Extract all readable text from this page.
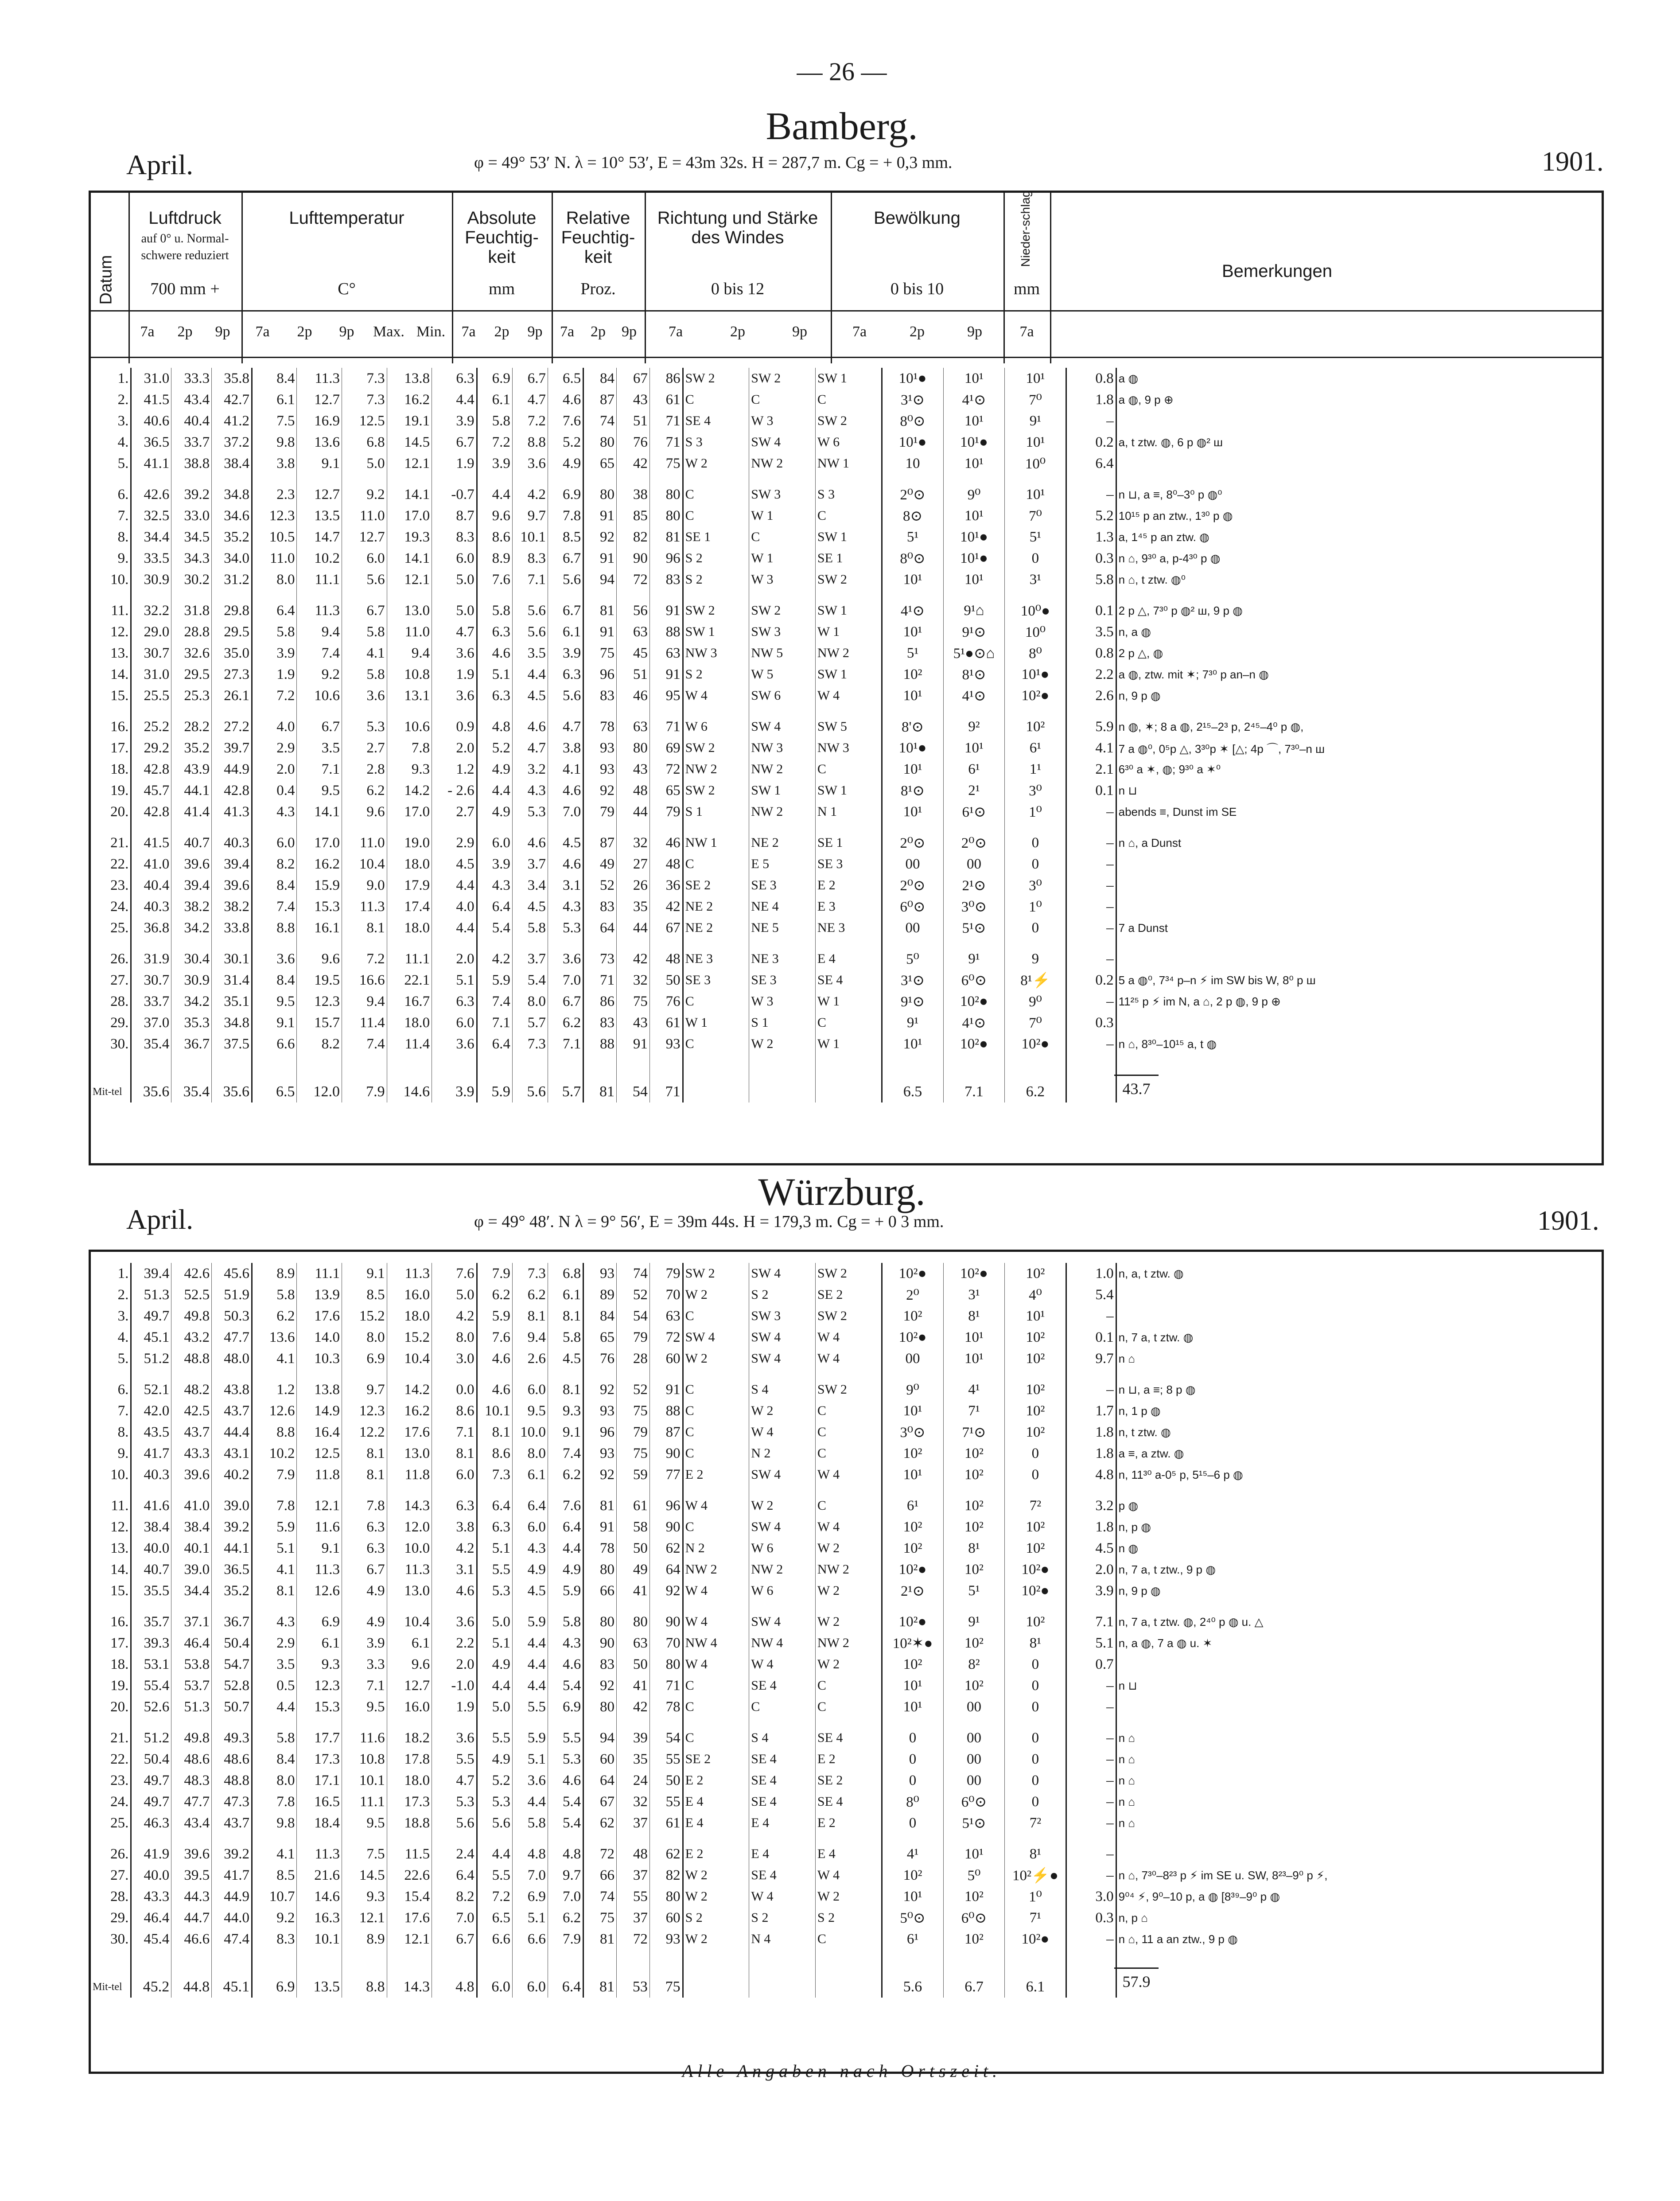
— 26 —
Bamberg.
April.	φ = 49° 53′ N. λ = 10° 53′, E = 43m 32s. H = 287,7 m. Cg = + 0,3 mm.	1901.
Luftdruck
700 mm +
Lufttemperatur
C°
Absolute Feuchtig-keit
mm
Relative Feuchtig-keit
Proz.
Richtung und Stärke des Windes
0 bis 12
Bewölkung
0 bis 10
auf 0° u. Normal-schwere reduziert
Datum
Nieder-schlag
mm
Bemerkungen
7a	2p	9p	7a	2p	9p	Max. Min.	7a	2p	9p	7a	2p	9p	7a	2p	9p	7a	2p	9p	7a
1.	31.0	33.3	35.8	8.4	11.3	7.3	13.8	6.3	6.9	6.7	6.5	84	67	86	SW 2	SW 2	SW 1	10¹●	10¹	10¹	0.8	a ◍
2.	41.5	43.4	42.7	6.1	12.7	7.3	16.2	4.4	6.1	4.7	4.6	87	43	61	C	C	C	3¹⊙	4¹⊙	7⁰	1.8	a ◍, 9 p ⊕
3.	40.6	40.4	41.2	7.5	16.9	12.5	19.1	3.9	5.8	7.2	7.6	74	51	71	SE 4	W 3	SW 2	8⁰⊙	10¹	9¹	–	
4.	36.5	33.7	37.2	9.8	13.6	6.8	14.5	6.7	7.2	8.8	5.2	80	76	71	S 3	SW 4	W 6	10¹●	10¹●	10¹	0.2	a, t ztw. ◍, 6 p ◍² ш
5.	41.1	38.8	38.4	3.8	9.1	5.0	12.1	1.9	3.9	3.6	4.9	65	42	75	W 2	NW 2	NW 1	10	10¹	10⁰	6.4	
6.	42.6	39.2	34.8	2.3	12.7	9.2	14.1	-0.7	4.4	4.2	6.9	80	38	80	C	SW 3	S 3	2⁰⊙	9⁰	10¹	–	n ⊔, a ≡, 8⁰–3⁰ p ◍⁰
7.	32.5	33.0	34.6	12.3	13.5	11.0	17.0	8.7	9.6	9.7	7.8	91	85	80	C	W 1	C	8⊙	10¹	7⁰	5.2	10¹⁵ p an ztw., 1³⁰ p ◍
8.	34.4	34.5	35.2	10.5	14.7	12.7	19.3	8.3	8.6	10.1	8.5	92	82	81	SE 1	C	SW 1	5¹	10¹●	5¹	1.3	a, 1⁴⁵ p an ztw. ◍
9.	33.5	34.3	34.0	11.0	10.2	6.0	14.1	6.0	8.9	8.3	6.7	91	90	96	S 2	W 1	SE 1	8⁰⊙	10¹●	0	0.3	n ⌂, 9³⁰ a, p-4³⁰ p ◍
10.	30.9	30.2	31.2	8.0	11.1	5.6	12.1	5.0	7.6	7.1	5.6	94	72	83	S 2	W 3	SW 2	10¹	10¹	3¹	5.8	n ⌂, t ztw. ◍⁰
11.	32.2	31.8	29.8	6.4	11.3	6.7	13.0	5.0	5.8	5.6	6.7	81	56	91	SW 2	SW 2	SW 1	4¹⊙	9¹⌂	10⁰●	0.1	2 p △, 7³⁰ p ◍² ш, 9 p ◍
12.	29.0	28.8	29.5	5.8	9.4	5.8	11.0	4.7	6.3	5.6	6.1	91	63	88	SW 1	SW 3	W 1	10¹	9¹⊙	10⁰	3.5	n, a ◍
13.	30.7	32.6	35.0	3.9	7.4	4.1	9.4	3.6	4.6	3.5	3.9	75	45	63	NW 3	NW 5	NW 2	5¹	5¹●⊙⌂	8⁰	0.8	2 p △, ◍
14.	31.0	29.5	27.3	1.9	9.2	5.8	10.8	1.9	5.1	4.4	6.3	96	51	91	S 2	W 5	SW 1	10²	8¹⊙	10¹●	2.2	a ◍, ztw. mit ✶; 7³⁰ p an–n ◍
15.	25.5	25.3	26.1	7.2	10.6	3.6	13.1	3.6	6.3	4.5	5.6	83	46	95	W 4	SW 6	W 4	10¹	4¹⊙	10²●	2.6	n, 9 p ◍
16.	25.2	28.2	27.2	4.0	6.7	5.3	10.6	0.9	4.8	4.6	4.7	78	63	71	W 6	SW 4	SW 5	8'⊙	9²	10²	5.9	n ◍, ✶; 8 a ◍, 2¹⁵–2³ p, 2⁴⁵–4⁰ p ◍,
17.	29.2	35.2	39.7	2.9	3.5	2.7	7.8	2.0	5.2	4.7	3.8	93	80	69	SW 2	NW 3	NW 3	10¹●	10¹	6¹	4.1	7 a ◍⁰, 0⁵p △, 3³⁰p ✶ [△; 4p ⌒, 7³⁰–n ш
18.	42.8	43.9	44.9	2.0	7.1	2.8	9.3	1.2	4.9	3.2	4.1	93	43	72	NW 2	NW 2	C	10¹	6¹	1¹	2.1	6³⁰ a ✶, ◍; 9³⁰ a ✶⁰
19.	45.7	44.1	42.8	0.4	9.5	6.2	14.2	- 2.6	4.4	4.3	4.6	92	48	65	SW 2	SW 1	SW 1	8¹⊙	2¹	3⁰	0.1	n ⊔
20.	42.8	41.4	41.3	4.3	14.1	9.6	17.0	2.7	4.9	5.3	7.0	79	44	79	S 1	NW 2	N 1	10¹	6¹⊙	1⁰	–	abends ≡, Dunst im SE
21.	41.5	40.7	40.3	6.0	17.0	11.0	19.0	2.9	6.0	4.6	4.5	87	32	46	NW 1	NE 2	SE 1	2⁰⊙	2⁰⊙	0	–	n ⌂, a Dunst
22.	41.0	39.6	39.4	8.2	16.2	10.4	18.0	4.5	3.9	3.7	4.6	49	27	48	C	E 5	SE 3	00	00	0	–	
23.	40.4	39.4	39.6	8.4	15.9	9.0	17.9	4.4	4.3	3.4	3.1	52	26	36	SE 2	SE 3	E 2	2⁰⊙	2¹⊙	3⁰	–	
24.	40.3	38.2	38.2	7.4	15.3	11.3	17.4	4.0	6.4	4.5	4.3	83	35	42	NE 2	NE 4	E 3	6⁰⊙	3⁰⊙	1⁰	–	
25.	36.8	34.2	33.8	8.8	16.1	8.1	18.0	4.4	5.4	5.8	5.3	64	44	67	NE 2	NE 5	NE 3	00	5¹⊙	0	–	7 a Dunst
26.	31.9	30.4	30.1	3.6	9.6	7.2	11.1	2.0	4.2	3.7	3.6	73	42	48	NE 3	NE 3	E 4	5⁰	9¹	9	–	
27.	30.7	30.9	31.4	8.4	19.5	16.6	22.1	5.1	5.9	5.4	7.0	71	32	50	SE 3	SE 3	SE 4	3¹⊙	6⁰⊙	8¹⚡	0.2	5 a ◍⁰, 7³⁴ p–n ⚡ im SW bis W, 8⁰ p ш
28.	33.7	34.2	35.1	9.5	12.3	9.4	16.7	6.3	7.4	8.0	6.7	86	75	76	C	W 3	W 1	9¹⊙	10²●	9⁰	–	11²⁵ p ⚡ im N, a ⌂, 2 p ◍, 9 p ⊕
29.	37.0	35.3	34.8	9.1	15.7	11.4	18.0	6.0	7.1	5.7	6.2	83	43	61	W 1	S 1	C	9¹	4¹⊙	7⁰	0.3	
30.	35.4	36.7	37.5	6.6	8.2	7.4	11.4	3.6	6.4	7.3	7.1	88	91	93	C	W 2	W 1	10¹	10²●	10²●	–	n ⌂, 8³⁰–10¹⁵ a, t ◍
Mit-tel	35.6	35.4	35.6	6.5	12.0	7.9	14.6	3.9	5.9	5.6	5.7	81	54	71				6.5	7.1	6.2			43.7
Würzburg.
April.	φ = 49° 48′. N λ = 9° 56′, E = 39m 44s. H = 179,3 m. Cg = + 0 3 mm.	1901.
1.	39.4	42.6	45.6	8.9	11.1	9.1	11.3	7.6	7.9	7.3	6.8	93	74	79	SW 2	SW 4	SW 2	10²●	10²●	10²	1.0	n, a, t ztw. ◍
2.	51.3	52.5	51.9	5.8	13.9	8.5	16.0	5.0	6.2	6.2	6.1	89	52	70	W 2	S 2	SE 2	2⁰	3¹	4⁰	5.4	
3.	49.7	49.8	50.3	6.2	17.6	15.2	18.0	4.2	5.9	8.1	8.1	84	54	63	C	SW 3	SW 2	10²	8¹	10¹	–	
4.	45.1	43.2	47.7	13.6	14.0	8.0	15.2	8.0	7.6	9.4	5.8	65	79	72	SW 4	SW 4	W 4	10²●	10¹	10²	0.1	n, 7 a, t ztw. ◍
5.	51.2	48.8	48.0	4.1	10.3	6.9	10.4	3.0	4.6	2.6	4.5	76	28	60	W 2	SW 4	W 4	00	10¹	10²	9.7	n ⌂
6.	52.1	48.2	43.8	1.2	13.8	9.7	14.2	0.0	4.6	6.0	8.1	92	52	91	C	S 4	SW 2	9⁰	4¹	10²	–	n ⊔, a ≡; 8 p ◍
7.	42.0	42.5	43.7	12.6	14.9	12.3	16.2	8.6	10.1	9.5	9.3	93	75	88	C	W 2	C	10¹	7¹	10²	1.7	n, 1 p ◍
8.	43.5	43.7	44.4	8.8	16.4	12.2	17.6	7.1	8.1	10.0	9.1	96	79	87	C	W 4	C	3⁰⊙	7¹⊙	10²	1.8	n, t ztw. ◍
9.	41.7	43.3	43.1	10.2	12.5	8.1	13.0	8.1	8.6	8.0	7.4	93	75	90	C	N 2	C	10²	10²	0	1.8	a ≡, a ztw. ◍
10.	40.3	39.6	40.2	7.9	11.8	8.1	11.8	6.0	7.3	6.1	6.2	92	59	77	E 2	SW 4	W 4	10¹	10²	0	4.8	n, 11³⁰ a-0⁵ p, 5¹⁵–6 p ◍
11.	41.6	41.0	39.0	7.8	12.1	7.8	14.3	6.3	6.4	6.4	7.6	81	61	96	W 4	W 2	C	6¹	10²	7²	3.2	p ◍
12.	38.4	38.4	39.2	5.9	11.6	6.3	12.0	3.8	6.3	6.0	6.4	91	58	90	C	SW 4	W 4	10²	10²	10²	1.8	n, p ◍
13.	40.0	40.1	44.1	5.1	9.1	6.3	10.0	4.2	5.1	4.3	4.4	78	50	62	N 2	W 6	W 2	10²	8¹	10²	4.5	n ◍
14.	40.7	39.0	36.5	4.1	11.3	6.7	11.3	3.1	5.5	4.9	4.9	80	49	64	NW 2	NW 2	NW 2	10²●	10²	10²●	2.0	n, 7 a, t ztw., 9 p ◍
15.	35.5	34.4	35.2	8.1	12.6	4.9	13.0	4.6	5.3	4.5	5.9	66	41	92	W 4	W 6	W 2	2¹⊙	5¹	10²●	3.9	n, 9 p ◍
16.	35.7	37.1	36.7	4.3	6.9	4.9	10.4	3.6	5.0	5.9	5.8	80	80	90	W 4	SW 4	W 2	10²●	9¹	10²	7.1	n, 7 a, t ztw. ◍, 2⁴⁰ p ◍ u. △
17.	39.3	46.4	50.4	2.9	6.1	3.9	6.1	2.2	5.1	4.4	4.3	90	63	70	NW 4	NW 4	NW 2	10²✶●	10²	8¹	5.1	n, a ◍, 7 a ◍ u. ✶
18.	53.1	53.8	54.7	3.5	9.3	3.3	9.6	2.0	4.9	4.4	4.6	83	50	80	W 4	W 4	W 2	10²	8²	0	0.7	
19.	55.4	53.7	52.8	0.5	12.3	7.1	12.7	-1.0	4.4	4.4	5.4	92	41	71	C	SE 4	C	10¹	10²	0	–	n ⊔
20.	52.6	51.3	50.7	4.4	15.3	9.5	16.0	1.9	5.0	5.5	6.9	80	42	78	C	C	C	10¹	00	0	–	
21.	51.2	49.8	49.3	5.8	17.7	11.6	18.2	3.6	5.5	5.9	5.5	94	39	54	C	S 4	SE 4	0	00	0	–	n ⌂
22.	50.4	48.6	48.6	8.4	17.3	10.8	17.8	5.5	4.9	5.1	5.3	60	35	55	SE 2	SE 4	E 2	0	00	0	–	n ⌂
23.	49.7	48.3	48.8	8.0	17.1	10.1	18.0	4.7	5.2	3.6	4.6	64	24	50	E 2	SE 4	SE 2	0	00	0	–	n ⌂
24.	49.7	47.7	47.3	7.8	16.5	11.1	17.3	5.3	5.3	4.4	5.4	67	32	55	E 4	SE 4	SE 4	8⁰	6⁰⊙	0	–	n ⌂
25.	46.3	43.4	43.7	9.8	18.4	9.5	18.8	5.6	5.6	5.8	5.4	62	37	61	E 4	E 4	E 2	0	5¹⊙	7²	–	n ⌂
26.	41.9	39.6	39.2	4.1	11.3	7.5	11.5	2.4	4.4	4.8	4.8	72	48	62	E 2	E 4	E 4	4¹	10¹	8¹	–	
27.	40.0	39.5	41.7	8.5	21.6	14.5	22.6	6.4	5.5	7.0	9.7	66	37	82	W 2	SE 4	W 4	10²	5⁰	10²⚡●	–	n ⌂, 7³⁰–8²³ p ⚡ im SE u. SW, 8²³–9⁰ p ⚡,
28.	43.3	44.3	44.9	10.7	14.6	9.3	15.4	8.2	7.2	6.9	7.0	74	55	80	W 2	W 4	W 2	10¹	10²	1⁰	3.0	9⁰⁴ ⚡, 9⁰–10 p, a ◍ [8³⁹–9⁰ p ◍
29.	46.4	44.7	44.0	9.2	16.3	12.1	17.6	7.0	6.5	5.1	6.2	75	37	60	S 2	S 2	S 2	5⁰⊙	6⁰⊙	7¹	0.3	n, p ⌂
30.	45.4	46.6	47.4	8.3	10.1	8.9	12.1	6.7	6.6	6.6	7.9	81	72	93	W 2	N 4	C	6¹	10²	10²●	–	n ⌂, 11 a an ztw., 9 p ◍
Mit-tel	45.2	44.8	45.1	6.9	13.5	8.8	14.3	4.8	6.0	6.0	6.4	81	53	75				5.6	6.7	6.1			57.9
Alle Angaben nach Ortszeit.
